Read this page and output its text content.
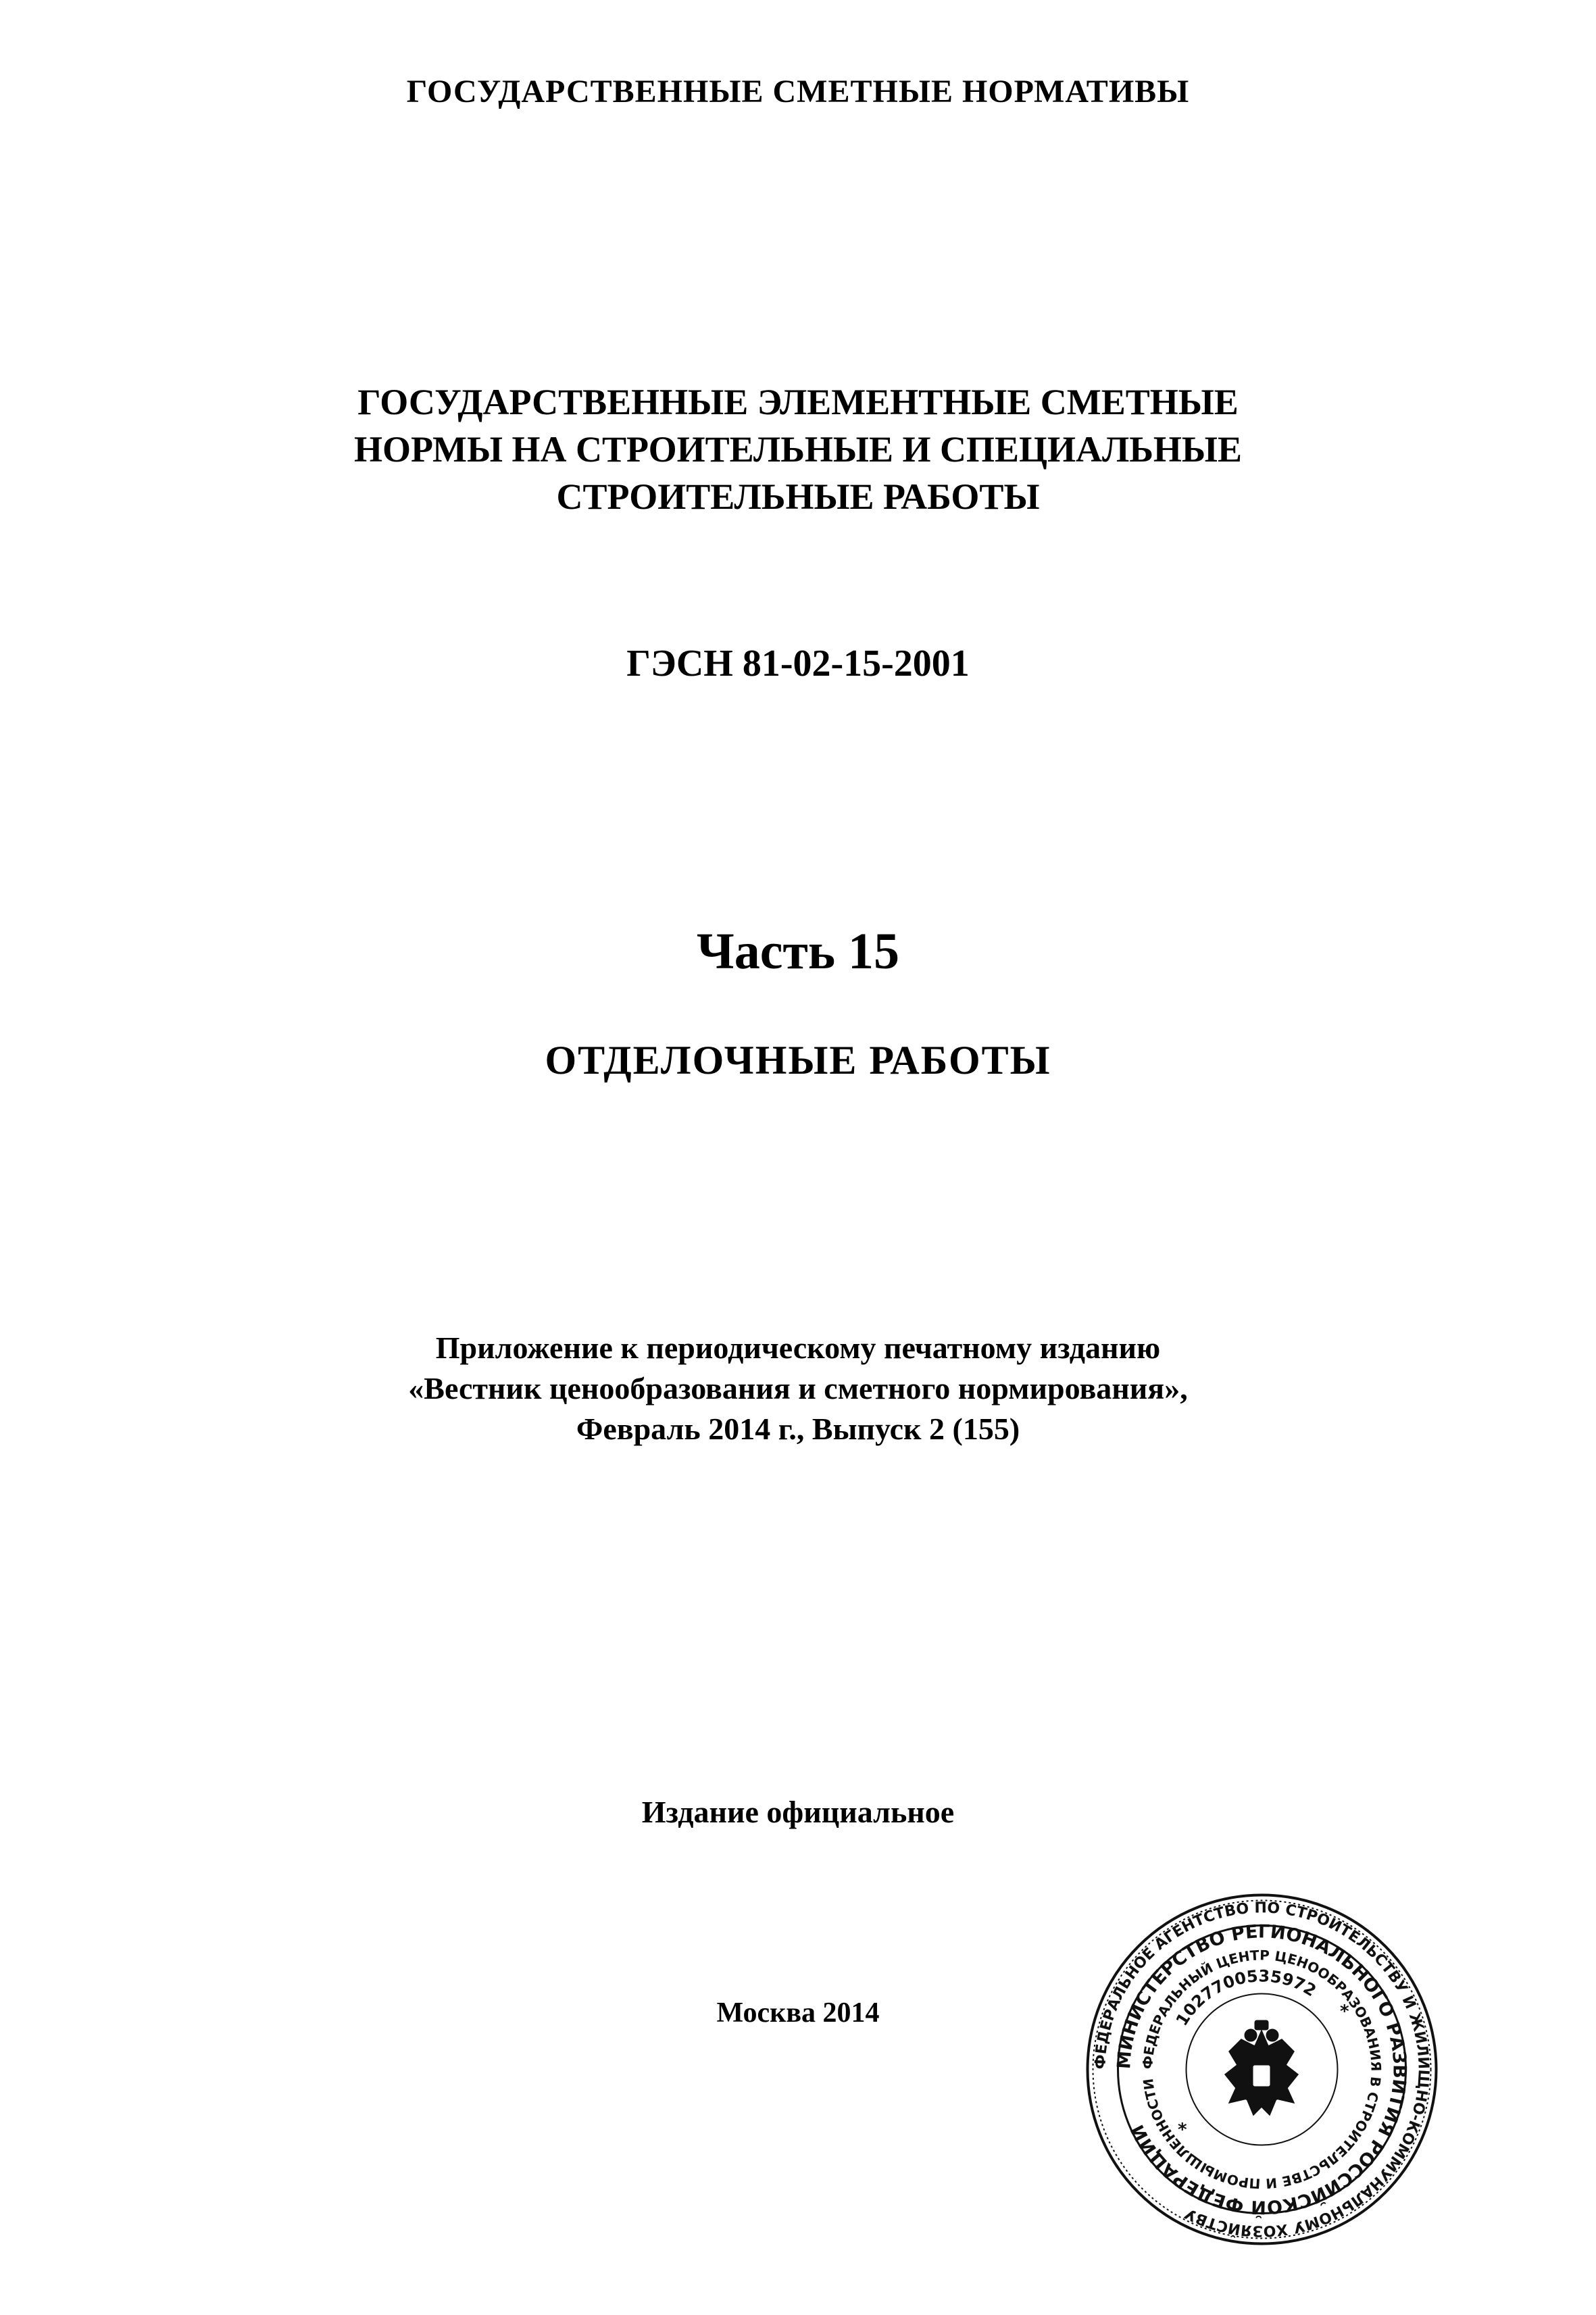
ГОСУДАРСТВЕННЫЕ СМЕТНЫЕ НОРМАТИВЫ
ГОСУДАРСТВЕННЫЕ ЭЛЕМЕНТНЫЕ СМЕТНЫЕ
НОРМЫ НА СТРОИТЕЛЬНЫЕ И СПЕЦИАЛЬНЫЕ
СТРОИТЕЛЬНЫЕ РАБОТЫ
ГЭСН 81-02-15-2001
Часть 15
ОТДЕЛОЧНЫЕ РАБОТЫ
Приложение к периодическому печатному изданию
«Вестник ценообразования и сметного нормирования»,
Февраль 2014 г., Выпуск 2 (155)
Издание официальное
Москва 2014
ФЕДЕРАЛЬНОЕ АГЕНТСТВО ПО СТРОИТЕЛЬСТВУ И ЖИЛИЩНО-КОММУНАЛЬНОМУ ХОЗЯЙСТВУ
МИНИСТЕРСТВО РЕГИОНАЛЬНОГО РАЗВИТИЯ РОССИЙСКОЙ ФЕДЕРАЦИИ
ФЕДЕРАЛЬНЫЙ ЦЕНТР ЦЕНООБРАЗОВАНИЯ В СТРОИТЕЛЬСТВЕ И ПРОМЫШЛЕННОСТИ
1027700535972
*
*
